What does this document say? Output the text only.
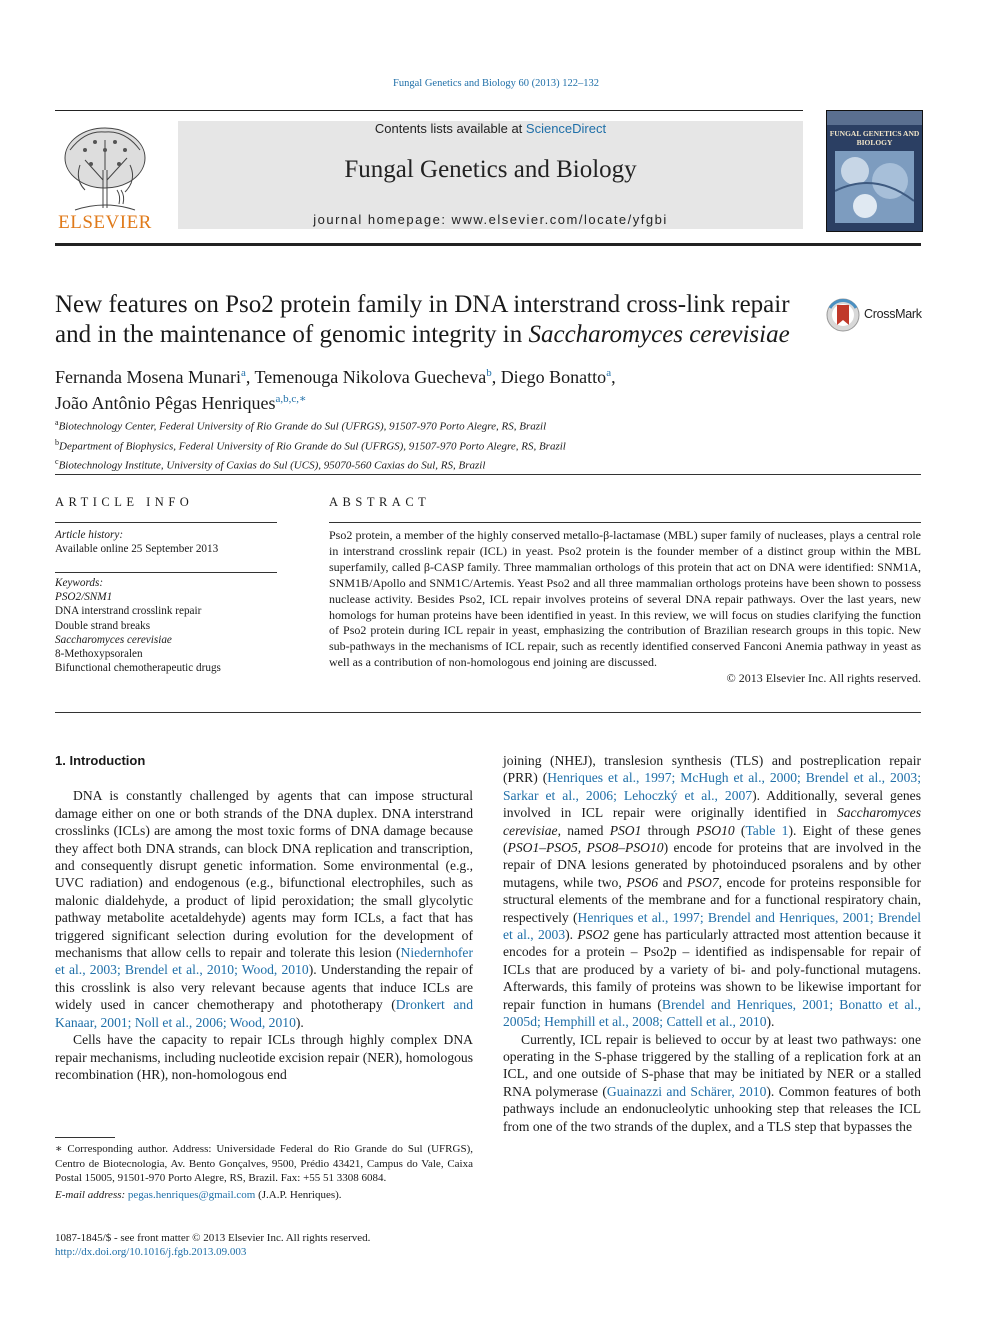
Fungal Genetics and Biology 60 (2013) 122–132
Contents lists available at ScienceDirect
Fungal Genetics and Biology
journal homepage: www.elsevier.com/locate/yfgbi
ELSEVIER
FUNGAL GENETICS AND BIOLOGY
New features on Pso2 protein family in DNA interstrand cross-link repair
and in the maintenance of genomic integrity in Saccharomyces cerevisiae
CrossMark
Fernanda Mosena Munari$^a$, Temenouga Nikolova Guecheva$^b$, Diego Bonatto$^a$,
João Antônio Pêgas Henriques$^{a,b,c,∗}$
$^a$Biotechnology Center, Federal University of Rio Grande do Sul (UFRGS), 91507-970 Porto Alegre, RS, Brazil
$^b$Department of Biophysics, Federal University of Rio Grande do Sul (UFRGS), 91507-970 Porto Alegre, RS, Brazil
$^c$Biotechnology Institute, University of Caxias do Sul (UCS), 95070-560 Caxias do Sul, RS, Brazil
ARTICLE INFO
Article history:
Available online 25 September 2013
Keywords:
PSO2/SNM1
DNA interstrand crosslink repair
Double strand breaks
Saccharomyces cerevisiae
8-Methoxypsoralen
Bifunctional chemotherapeutic drugs
ABSTRACT
Pso2 protein, a member of the highly conserved metallo-β-lactamase (MBL) super family of nucleases, plays a central role in interstrand crosslink repair (ICL) in yeast. Pso2 protein is the founder member of a distinct group within the MBL superfamily, called β-CASP family. Three mammalian orthologs of this protein that act on DNA were identified: SNM1A, SNM1B/Apollo and SNM1C/Artemis. Yeast Pso2 and all three mammalian orthologs proteins have been shown to possess nuclease activity. Besides Pso2, ICL repair involves proteins of several DNA repair pathways. Over the last years, new homologs for human proteins have been identified in yeast. In this review, we will focus on studies clarifying the function of Pso2 protein during ICL repair in yeast, emphasizing the contribution of Brazilian research groups in this topic. New sub-pathways in the mechanisms of ICL repair, such as recently identified conserved Fanconi Anemia pathway in yeast as well as a contribution of non-homologous end joining are discussed.
© 2013 Elsevier Inc. All rights reserved.

1. Introduction

DNA is constantly challenged by agents that can impose structural damage either on one or both strands of the DNA duplex. DNA interstrand crosslinks (ICLs) are among the most toxic forms of DNA damage because they affect both DNA strands, can block DNA replication and transcription, and consequently disrupt genetic information. Some environmental (e.g., UVC radiation) and endogenous (e.g., bifunctional electrophiles, such as malonic dialdehyde, a product of lipid peroxidation; the small glycolytic pathway metabolite acetaldehyde) agents may form ICLs, a fact that has triggered significant selection during evolution for the development of mechanisms that allow cells to repair and tolerate this lesion (Niedernhofer et al., 2003; Brendel et al., 2010; Wood, 2010). Understanding the repair of this crosslink is also very relevant because agents that induce ICLs are widely used in cancer chemotherapy and phototherapy (Dronkert and Kanaar, 2001; Noll et al., 2006; Wood, 2010).

Cells have the capacity to repair ICLs through highly complex DNA repair mechanisms, including nucleotide excision repair (NER), homologous recombination (HR), non-homologous end

joining (NHEJ), translesion synthesis (TLS) and postreplication repair (PRR) (Henriques et al., 1997; McHugh et al., 2000; Brendel et al., 2003; Sarkar et al., 2006; Lehoczký et al., 2007). Additionally, several genes involved in ICL repair were originally identified in Saccharomyces cerevisiae, named PSO1 through PSO10 (Table 1). Eight of these genes (PSO1–PSO5, PSO8–PSO10) encode for proteins that are involved in the repair of DNA lesions generated by photoinduced psoralens and by other mutagens, while two, PSO6 and PSO7, encode for proteins responsible for structural elements of the membrane and for a functional respiratory chain, respectively (Henriques et al., 1997; Brendel and Henriques, 2001; Brendel et al., 2003). PSO2 gene has particularly attracted most attention because it encodes for a protein – Pso2p – identified as indispensable for repair of ICLs that are produced by a variety of bi- and poly-functional mutagens. Afterwards, this family of proteins was shown to be likewise important for repair function in humans (Brendel and Henriques, 2001; Bonatto et al., 2005d; Hemphill et al., 2008; Cattell et al., 2010).

Currently, ICL repair is believed to occur by at least two pathways: one operating in the S-phase triggered by the stalling of a replication fork at an ICL, and one outside of S-phase that may be initiated by NER or a stalled RNA polymerase (Guainazzi and Schärer, 2010). Common features of both pathways include an endonucleolytic unhooking step that releases the ICL from one of the two strands of the duplex, and a TLS step that bypasses the

∗ Corresponding author. Address: Universidade Federal do Rio Grande do Sul (UFRGS), Centro de Biotecnologia, Av. Bento Gonçalves, 9500, Prédio 43421, Campus do Vale, Caixa Postal 15005, 91501-970 Porto Alegre, RS, Brazil. Fax: +55 51 3308 6084.
E-mail address: pegas.henriques@gmail.com (J.A.P. Henriques).
1087-1845/$ - see front matter © 2013 Elsevier Inc. All rights reserved.
http://dx.doi.org/10.1016/j.fgb.2013.09.003
